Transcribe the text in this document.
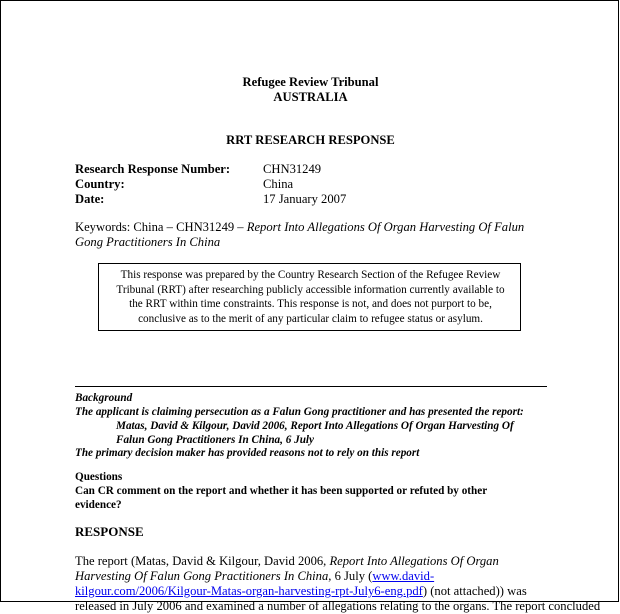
Refugee Review Tribunal
AUSTRALIA
RRT RESEARCH RESPONSE
Research Response Number:	CHN31249
Country:	China
Date:	17 January 2007
Keywords: China – CHN31249 – Report Into Allegations Of Organ Harvesting Of Falun
Gong Practitioners In China
This response was prepared by the Country Research Section of the Refugee Review
Tribunal (RRT) after researching publicly accessible information currently available to
the RRT within time constraints. This response is not, and does not purport to be,
conclusive as to the merit of any particular claim to refugee status or asylum.
Background
The applicant is claiming persecution as a Falun Gong practitioner and has presented the report:
Matas, David & Kilgour, David 2006, Report Into Allegations Of Organ Harvesting Of
Falun Gong Practitioners In China, 6 July
The primary decision maker has provided reasons not to rely on this report
Questions
Can CR comment on the report and whether it has been supported or refuted by other
evidence?
RESPONSE
The report (Matas, David & Kilgour, David 2006, Report Into Allegations Of Organ
Harvesting Of Falun Gong Practitioners In China, 6 July (www.david-
kilgour.com/2006/Kilgour-Matas-organ-harvesting-rpt-July6-eng.pdf) (not attached)) was
released in July 2006 and examined a number of allegations relating to the organs. The report concluded
